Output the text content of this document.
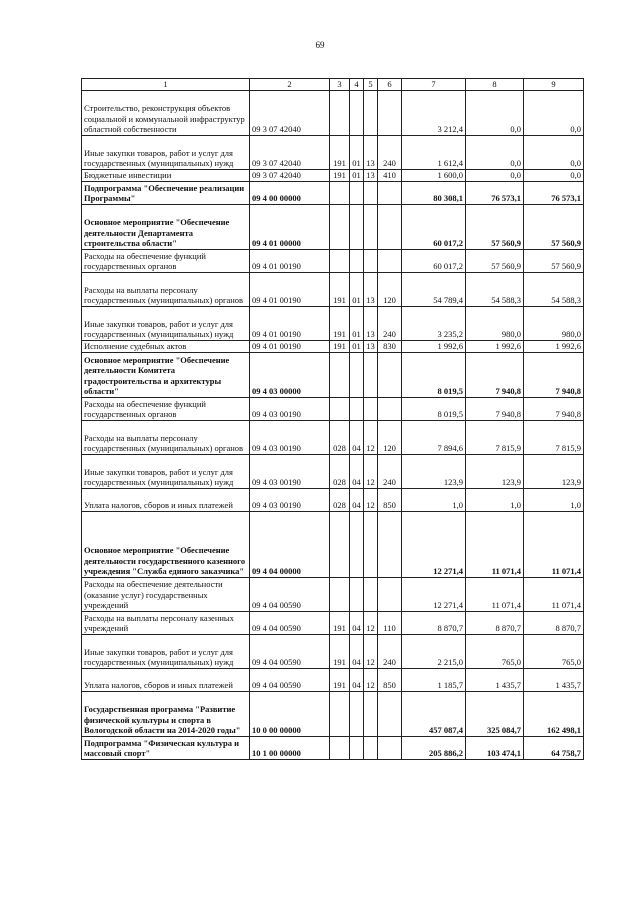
69
1	2	3	4	5	6	7	8	9
Строительство, реконструкция объектов социальной и коммунальной инфраструктур областной собственности	09 3 07 42040					3 212,4	0,0	0,0
Иные закупки товаров, работ и услуг для государственных (муниципальных) нужд	09 3 07 42040	191	01	13	240	1 612,4	0,0	0,0
Бюджетные инвестиции	09 3 07 42040	191	01	13	410	1 600,0	0,0	0,0
Подпрограмма "Обеспечение реализации Программы"	09 4 00 00000					80 308,1	76 573,1	76 573,1
Основное мероприятие "Обеспечение деятельности Департамента строительства области"	09 4 01 00000					60 017,2	57 560,9	57 560,9
Расходы на обеспечение функций государственных органов	09 4 01 00190					60 017,2	57 560,9	57 560,9
Расходы на выплаты персоналу государственных (муниципальных) органов	09 4 01 00190	191	01	13	120	54 789,4	54 588,3	54 588,3
Иные закупки товаров, работ и услуг для государственных (муниципальных) нужд	09 4 01 00190	191	01	13	240	3 235,2	980,0	980,0
Исполнение судебных актов	09 4 01 00190	191	01	13	830	1 992,6	1 992,6	1 992,6
Основное мероприятие "Обеспечение деятельности Комитета градостроительства и архитектуры области"	09 4 03 00000					8 019,5	7 940,8	7 940,8
Расходы на обеспечение функций государственных органов	09 4 03 00190					8 019,5	7 940,8	7 940,8
Расходы на выплаты персоналу государственных (муниципальных) органов	09 4 03 00190	028	04	12	120	7 894,6	7 815,9	7 815,9
Иные закупки товаров, работ и услуг для государственных (муниципальных) нужд	09 4 03 00190	028	04	12	240	123,9	123,9	123,9
Уплата налогов, сборов и иных платежей	09 4 03 00190	028	04	12	850	1,0	1,0	1,0
Основное мероприятие "Обеспечение деятельности государственного казенного учреждения "Служба единого заказчика"	09 4 04 00000					12 271,4	11 071,4	11 071,4
Расходы на обеспечение деятельности (оказание услуг) государственных учреждений	09 4 04 00590					12 271,4	11 071,4	11 071,4
Расходы на выплаты персоналу казенных учреждений	09 4 04 00590	191	04	12	110	8 870,7	8 870,7	8 870,7
Иные закупки товаров, работ и услуг для государственных (муниципальных) нужд	09 4 04 00590	191	04	12	240	2 215,0	765,0	765,0
Уплата налогов, сборов и иных платежей	09 4 04 00590	191	04	12	850	1 185,7	1 435,7	1 435,7
Государственная программа "Развитие физической культуры и спорта в Вологодской области на 2014-2020 годы"	10 0 00 00000					457 087,4	325 084,7	162 498,1
Подпрограмма "Физическая культура и массовый спорт"	10 1 00 00000					205 886,2	103 474,1	64 758,7
